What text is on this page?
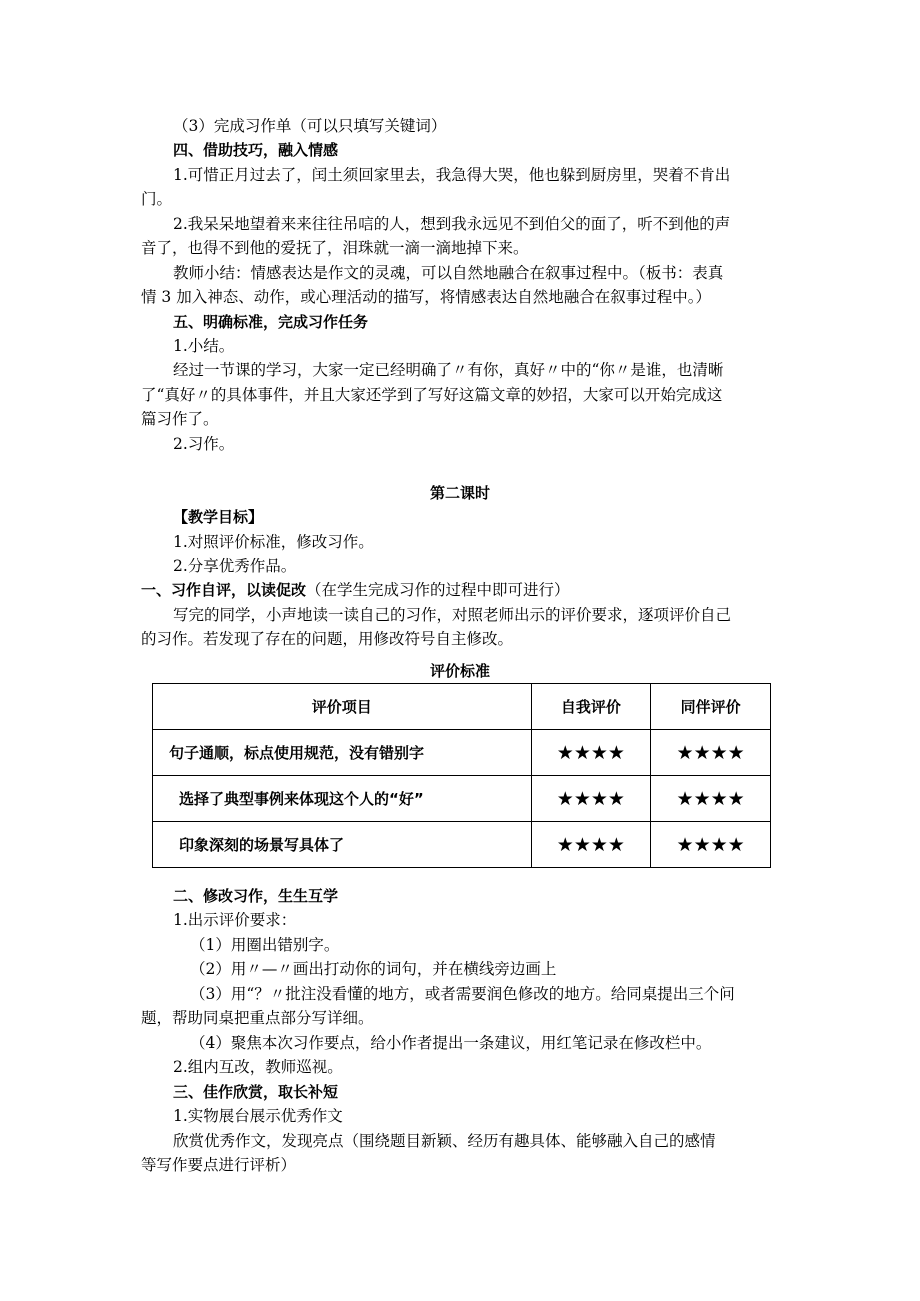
（3）完成习作单（可以只填写关键词）
四、借助技巧，融入情感
1.可惜正月过去了，闰土须回家里去，我急得大哭，他也躲到厨房里，哭着不肯出
门。
2.我呆呆地望着来来往往吊唁的人，想到我永远见不到伯父的面了，听不到他的声
音了，也得不到他的爱抚了，泪珠就一滴一滴地掉下来。
教师小结：情感表达是作文的灵魂，可以自然地融合在叙事过程中。（板书：表真
情 3 加入神态、动作，或心理活动的描写，将情感表达自然地融合在叙事过程中。）
五、明确标准，完成习作任务
1.小结。
经过一节课的学习，大家一定已经明确了〃有你，真好〃中的“你〃是谁，也清晰
了“真好〃的具体事件，并且大家还学到了写好这篇文章的妙招，大家可以开始完成这
篇习作了。
2.习作。
第二课时
【教学目标】
1.对照评价标准，修改习作。
2.分享优秀作品。
一、习作自评，以读促改（在学生完成习作的过程中即可进行）
写完的同学，小声地读一读自己的习作，对照老师出示的评价要求，逐项评价自己
的习作。若发现了存在的问题，用修改符号自主修改。
评价标准
评价项目	自我评价	同伴评价
句子通顺，标点使用规范，没有错别字	★★★★	★★★★
选择了典型事例来体现这个人的“好”	★★★★	★★★★
印象深刻的场景写具体了	★★★★	★★★★
二、修改习作，生生互学
1.出示评价要求：
（1）用圈出错别字。
（2）用〃—〃画出打动你的词句，并在横线旁边画上
（3）用“？〃批注没看懂的地方，或者需要润色修改的地方。给同桌提出三个问
题，帮助同桌把重点部分写详细。
（4）聚焦本次习作要点，给小作者提出一条建议，用红笔记录在修改栏中。
2.组内互改，教师巡视。
三、佳作欣赏，取长补短
1.实物展台展示优秀作文
欣赏优秀作文，发现亮点（围绕题目新颖、经历有趣具体、能够融入自己的感情
等写作要点进行评析）
